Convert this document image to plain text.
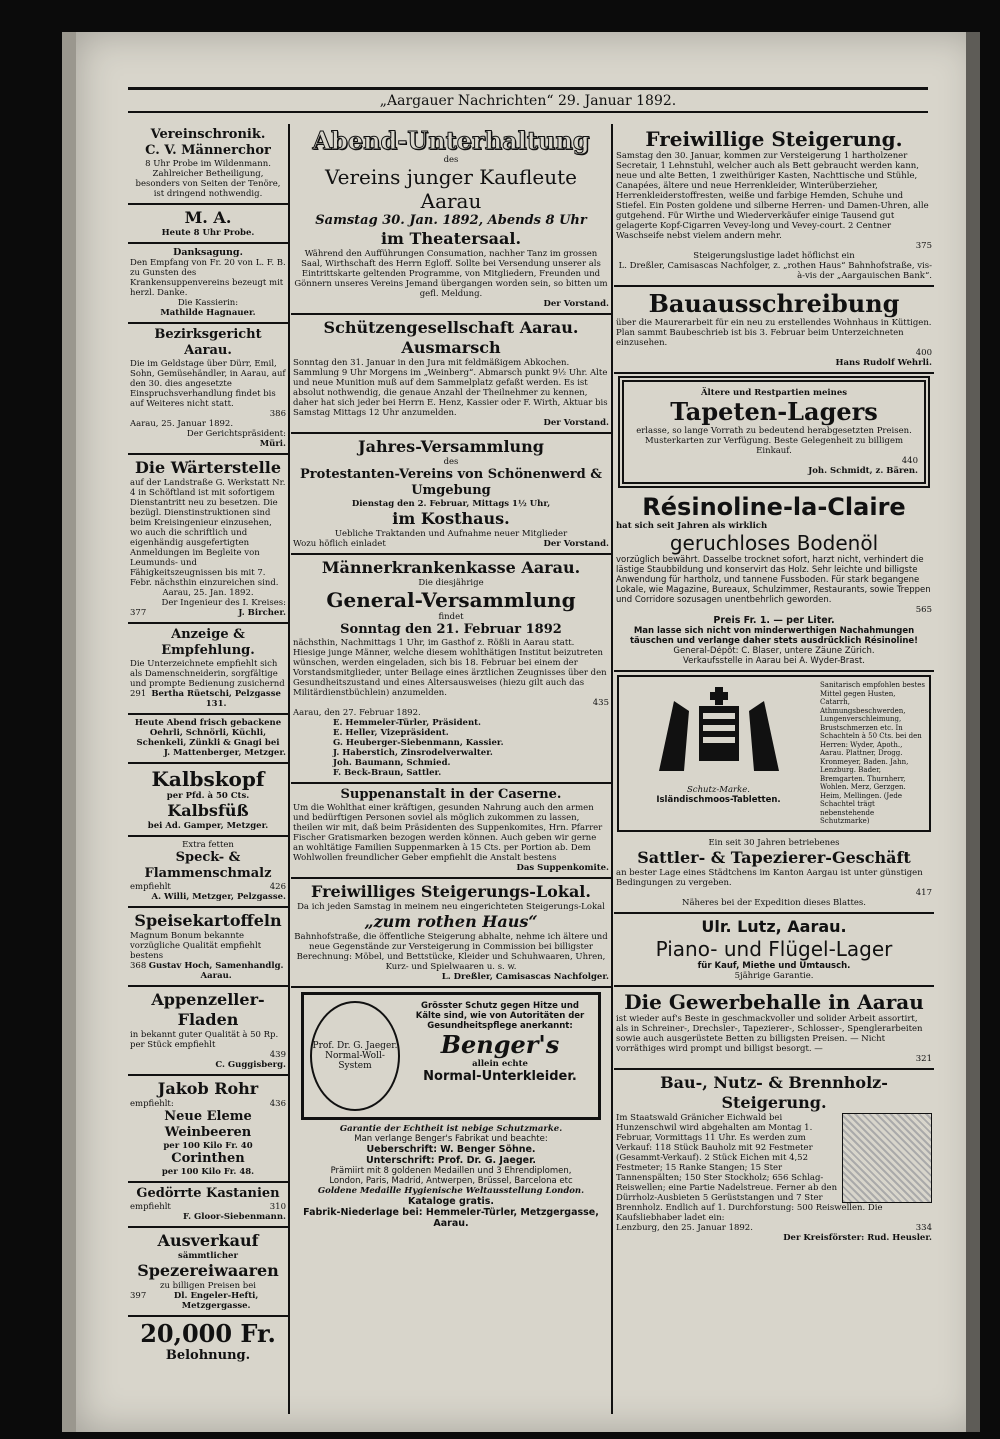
„Aargauer Nachrichten“ 29. Januar 1892.
Vereinschronik.
C. V. Männerchor
8 Uhr Probe im Wildenmann. Zahlreicher Betheiligung, besonders von Seiten der Tenöre, ist dringend nothwendig.
M. A.
Heute 8 Uhr Probe.
Danksagung.
Den Empfang von Fr. 20 von L. F. B. zu Gunsten des Krankensuppenvereins bezeugt mit herzl. Danke.
Die Kassierin:
Mathilde Hagnauer.
Bezirksgericht Aarau.
Die im Geldstage über Dürr, Emil, Sohn, Gemüsehändler, in Aarau, auf den 30. dies angesetzte Einspruchsverhandlung findet bis auf Weiteres nicht statt.
386
Aarau, 25. Januar 1892.
Der Gerichtspräsident:
Müri.
Die Wärterstelle
auf der Landstraße G. Werkstatt Nr. 4 in Schöftland ist mit sofortigem Dienstantritt neu zu besetzen. Die bezügl. Dienstinstruktionen sind beim Kreisingenieur einzusehen, wo auch die schriftlich und eigenhändig ausgefertigten Anmeldungen im Begleite von Leumunds- und Fähigkeitszeugnissen bis mit 7. Febr. nächsthin einzureichen sind.
Aarau, 25. Jan. 1892.
Der Ingenieur des I. Kreises:
377	J. Bircher.
Anzeige & Empfehlung.
Die Unterzeichnete empfiehlt sich als Damenschneiderin, sorgfältige und prompte Bedienung zusichernd
291 Bertha Rüetschi, Pelzgasse 131.
Heute Abend frisch gebackene Oehrli, Schnörli, Küchli, Schenkeli, Zünkli & Gnagi bei
J. Mattenberger, Metzger.
Kalbskopf
per Pfd. à 50 Cts.
Kalbsfüß
bei Ad. Gamper, Metzger.
Extra fetten
Speck- & Flammenschmalz
empfiehlt	426
A. Willi, Metzger, Pelzgasse.
Speisekartoffeln
Magnum Bonum bekannte vorzügliche Qualität empfiehlt bestens
368 Gustav Hoch, Samenhandlg. Aarau.
Appenzeller-Fladen
in bekannt guter Qualität à 50 Rp. per Stück empfiehlt
439
C. Guggisberg.
Jakob Rohr
empfiehlt:	436
Neue Eleme Weinbeeren
per 100 Kilo Fr. 40
Corinthen
per 100 Kilo Fr. 48.
Gedörrte Kastanien
empfiehlt	310
F. Gloor-Siebenmann.
Ausverkauf
sämmtlicher
Spezereiwaaren
zu billigen Preisen bei
397	Dl. Engeler-Hefti, Metzgergasse.
20,000 Fr.
Belohnung.
Abend-Unterhaltung
des
Vereins junger Kaufleute Aarau
Samstag 30. Jan. 1892, Abends 8 Uhr
im Theatersaal.
Während den Aufführungen Consumation, nachher Tanz im grossen Saal, Wirthschaft des Herrn Egloff. Sollte bei Versendung unserer als Eintrittskarte geltenden Programme, von Mitgliedern, Freunden und Gönnern unseres Vereins Jemand übergangen worden sein, so bitten um gefl. Meldung.
Der Vorstand.
Schützengesellschaft Aarau.
Ausmarsch
Sonntag den 31. Januar in den Jura mit feldmäßigem Abkochen. Sammlung 9 Uhr Morgens im „Weinberg“. Abmarsch punkt 9½ Uhr. Alte und neue Munition muß auf dem Sammelplatz gefaßt werden. Es ist absolut nothwendig, die genaue Anzahl der Theilnehmer zu kennen, daher hat sich jeder bei Herrn E. Henz, Kassier oder F. Wirth, Aktuar bis Samstag Mittags 12 Uhr anzumelden.
Der Vorstand.
Jahres-Versammlung
des
Protestanten-Vereins von Schönenwerd & Umgebung
Dienstag den 2. Februar, Mittags 1½ Uhr,
im Kosthaus.
Uebliche Traktanden und Aufnahme neuer Mitglieder
Wozu höflich einladet	Der Vorstand.
Männerkrankenkasse Aarau.
Die diesjährige
General-Versammlung
findet
Sonntag den 21. Februar 1892
nächsthin, Nachmittags 1 Uhr, im Gasthof z. Rößli in Aarau statt. Hiesige junge Männer, welche diesem wohlthätigen Institut beizutreten wünschen, werden eingeladen, sich bis 18. Februar bei einem der Vorstandsmitglieder, unter Beilage eines ärztlichen Zeugnisses über den Gesundheitszustand und eines Altersausweises (hiezu gilt auch das Militärdienstbüchlein) anzumelden.
435
Aarau, den 27. Februar 1892.
E. Hemmeler-Türler, Präsident.
E. Heller, Vizepräsident.
G. Heuberger-Siebenmann, Kassier.
J. Haberstich, Zinsrodelverwalter.
Joh. Baumann, Schmied.
F. Beck-Braun, Sattler.
Suppenanstalt in der Caserne.
Um die Wohlthat einer kräftigen, gesunden Nahrung auch den armen und bedürftigen Personen soviel als möglich zukommen zu lassen, theilen wir mit, daß beim Präsidenten des Suppenkomites, Hrn. Pfarrer Fischer Gratismarken bezogen werden können. Auch geben wir gerne an wohltätige Familien Suppenmarken à 15 Cts. per Portion ab. Dem Wohlwollen freundlicher Geber empfiehlt die Anstalt bestens
Das Suppenkomite.
Freiwilliges Steigerungs-Lokal.
Da ich jeden Samstag in meinem neu eingerichteten Steigerungs-Lokal
„zum rothen Haus“
Bahnhofstraße, die öffentliche Steigerung abhalte, nehme ich ältere und neue Gegenstände zur Versteigerung in Commission bei billigster Berechnung: Möbel, und Bettstücke, Kleider und Schuhwaaren, Uhren, Kurz- und Spielwaaren u. s. w.
L. Dreßler, Camisascas Nachfolger.
Prof. Dr. G. Jaeger. Normal-Woll-System
Grösster Schutz gegen Hitze und Kälte sind, wie von Autoritäten der Gesundheitspflege anerkannt:
Benger's
allein echte
Normal-Unterkleider.
Garantie der Echtheit ist nebige Schutzmarke.
Man verlange Benger's Fabrikat und beachte:
Ueberschrift: W. Benger Söhne.
Unterschrift: Prof. Dr. G. Jaeger.
Prämiirt mit 8 goldenen Medaillen und 3 Ehrendiplomen,
London, Paris, Madrid, Antwerpen, Brüssel, Barcelona etc
Goldene Medaille Hygienische Weltausstellung London.
Kataloge gratis.
Fabrik-Niederlage bei: Hemmeler-Türler, Metzgergasse, Aarau.
Freiwillige Steigerung.
Samstag den 30. Januar, kommen zur Versteigerung 1 hartholzener Secretair, 1 Lehnstuhl, welcher auch als Bett gebraucht werden kann, neue und alte Betten, 1 zweithüriger Kasten, Nachttische und Stühle, Canapées, ältere und neue Herrenkleider, Winterüberzieher, Herrenkleiderstoffresten, weiße und farbige Hemden, Schuhe und Stiefel. Ein Posten goldene und silberne Herren- und Damen-Uhren, alle gutgehend. Für Wirthe und Wiederverkäufer einige Tausend gut gelagerte Kopf-Cigarren Vevey-long und Vevey-court. 2 Centner Waschseife nebst vielem andern mehr.
375
Steigerungslustige ladet höflichst ein
L. Dreßler, Camisascas Nachfolger, z. „rothen Haus“ Bahnhofstraße, vis-à-vis der „Aargauischen Bank“.
Bauausschreibung
über die Maurerarbeit für ein neu zu erstellendes Wohnhaus in Küttigen. Plan sammt Baubeschrieb ist bis 3. Februar beim Unterzeichneten einzusehen.
400
Hans Rudolf Wehrli.
Ältere und Restpartien meines
Tapeten-Lagers
erlasse, so lange Vorrath zu bedeutend herabgesetzten Preisen. Musterkarten zur Verfügung. Beste Gelegenheit zu billigem Einkauf.
440
Joh. Schmidt, z. Bären.
Résinoline-la-Claire
hat sich seit Jahren als wirklich
geruchloses Bodenöl
vorzüglich bewährt. Dasselbe trocknet sofort, harzt nicht, verhindert die lästige Staubbildung und konservirt das Holz. Sehr leichte und billigste Anwendung für hartholz, und tannene Fussboden. Für stark begangene Lokale, wie Magazine, Bureaux, Schulzimmer, Restaurants, sowie Treppen und Corridore sozusagen unentbehrlich geworden.
565
Preis Fr. 1. — per Liter.
Man lasse sich nicht von minderwerthigen Nachahmungen täuschen und verlange daher stets ausdrücklich Résinoline!
General-Dépôt: C. Blaser, untere Zäune Zürich.
Verkaufsstelle in Aarau bei A. Wyder-Brast.
Schutz-Marke.
Isländischmoos-Tabletten.
Sanitarisch empfohlen bestes Mittel gegen Husten, Catarrh, Athmungsbeschwerden, Lungenverschleimung, Brustschmerzen etc. In Schachteln à 50 Cts. bei den Herren: Wyder, Apoth., Aarau. Plattner, Drogg. Kronmeyer, Baden. Jahn, Lenzburg. Bader, Bremgarten. Thurnherr, Wohlen. Merz, Gerzgen. Heim, Mellingen. (Jede Schachtel trägt nebenstehende Schutzmarke)
Ein seit 30 Jahren betriebenes
Sattler- & Tapezierer-Geschäft
an bester Lage eines Städtchens im Kanton Aargau ist unter günstigen Bedingungen zu vergeben.
417
Näheres bei der Expedition dieses Blattes.
Ulr. Lutz, Aarau.
Piano- und Flügel-Lager
für Kauf, Miethe und Umtausch.
5jährige Garantie.
Die Gewerbehalle in Aarau
ist wieder auf's Beste in geschmackvoller und solider Arbeit assortirt, als in Schreiner-, Drechsler-, Tapezierer-, Schlosser-, Spenglerarbeiten sowie auch ausgerüstete Betten zu billigsten Preisen. — Nicht vorräthiges wird prompt und billigst besorgt. —
321
Bau-, Nutz- & Brennholz-Steigerung.
Im Staatswald Gränicher Eichwald bei Hunzenschwil wird abgehalten am Montag 1. Februar, Vormittags 11 Uhr. Es werden zum Verkauf: 118 Stück Bauholz mit 92 Festmeter (Gesammt-Verkauf). 2 Stück Eichen mit 4,52 Festmeter; 15 Ranke Stangen; 15 Ster Tannenspälten; 150 Ster Stockholz; 656 Schlag-Reiswellen; eine Partie Nadelstreue. Ferner ab den Dürrholz-Ausbieten 5 Gerüststangen und 7 Ster Brennholz. Endlich auf 1. Durchforstung: 500 Reiswellen. Die Kaufsliebhaber ladet ein:
Lenzburg, den 25. Januar 1892.	334
Der Kreisförster: Rud. Heusler.
